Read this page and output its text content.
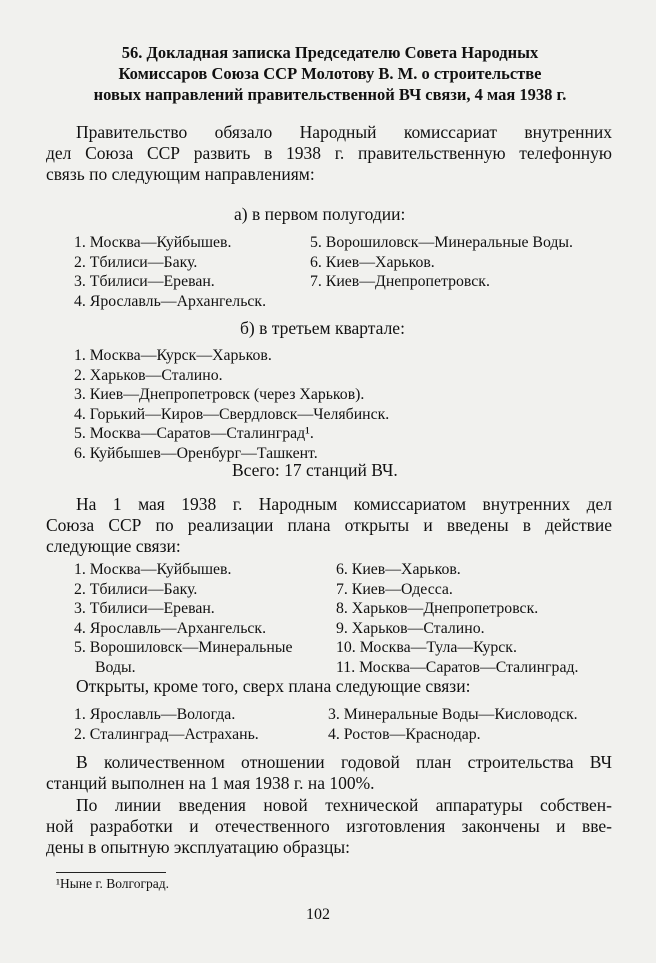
56. Докладная записка Председателю Совета Народных
Комиссаров Союза ССР Молотову В. М. о строительстве
новых направлений правительственной ВЧ связи, 4 мая 1938 г.
Правительство обязало Народный комиссариат внутренних
дел Союза ССР развить в 1938 г. правительственную телефонную
связь по следующим направлениям:
а) в первом полугодии:
1. Москва—Куйбышев.
2. Тбилиси—Баку.
3. Тбилиси—Ереван.
4. Ярославль—Архангельск.
5. Ворошиловск—Минеральные Воды.
6. Киев—Харьков.
7. Киев—Днепропетровск.
б) в третьем квартале:
1. Москва—Курск—Харьков.
2. Харьков—Сталино.
3. Киев—Днепропетровск (через Харьков).
4. Горький—Киров—Свердловск—Челябинск.
5. Москва—Саратов—Сталинград¹.
6. Куйбышев—Оренбург—Ташкент.
Всего: 17 станций ВЧ.
На 1 мая 1938 г. Народным комиссариатом внутренних дел
Союза ССР по реализации плана открыты и введены в действие
следующие связи:
1. Москва—Куйбышев.
2. Тбилиси—Баку.
3. Тбилиси—Ереван.
4. Ярославль—Архангельск.
5. Ворошиловск—Минеральные
Воды.
6. Киев—Харьков.
7. Киев—Одесса.
8. Харьков—Днепропетровск.
9. Харьков—Сталино.
10. Москва—Тула—Курск.
11. Москва—Саратов—Сталинград.
Открыты, кроме того, сверх плана следующие связи:
1. Ярославль—Вологда.
2. Сталинград—Астрахань.
3. Минеральные Воды—Кисловодск.
4. Ростов—Краснодар.
В количественном отношении годовой план строительства ВЧ
станций выполнен на 1 мая 1938 г. на 100%.
По линии введения новой технической аппаратуры собствен-
ной разработки и отечественного изготовления закончены и вве-
дены в опытную эксплуатацию образцы:
¹Ныне г. Волгоград.
102
